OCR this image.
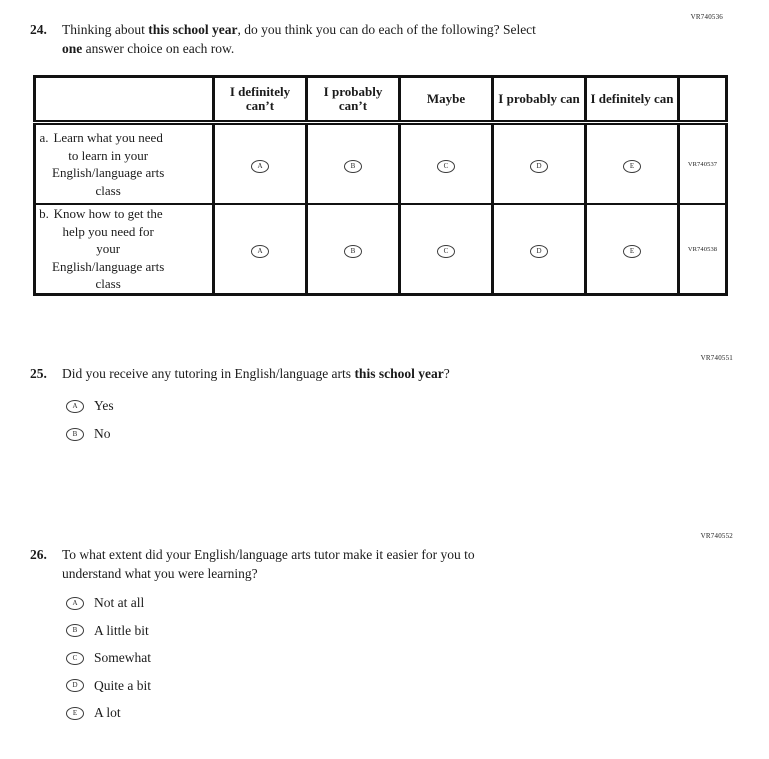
VR740536
24.	Thinking about this school year, do you think you can do each of the following? Select
one answer choice on each row.
	I definitely can’t	I probably can’t	Maybe	I probably can	I definitely can	

a. Learn what you need
to learn in your
English/language arts
class	A	B	C	D	E	VR740537

b. Know how to get the
help you need for
your
English/language arts
class
	A	B	C	D	E	VR740538
VR740551
25.	Did you receive any tutoring in English/language arts this school year?
A	Yes
B	No
VR740552
26.	To what extent did your English/language arts tutor make it easier for you to
understand what you were learning?
A	Not at all
B	A little bit
C	Somewhat
D	Quite a bit
E	A lot
